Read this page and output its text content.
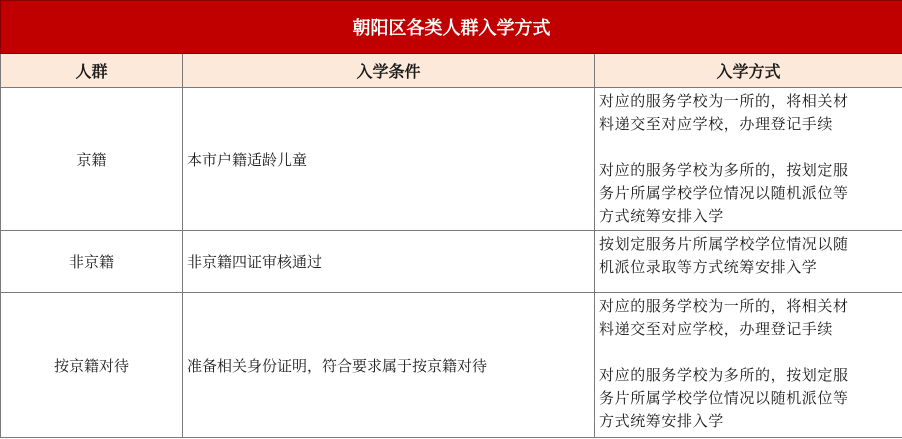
朝阳区各类人群入学方式		
人群	入学条件	入学方式
京籍	本市户籍适龄儿童	对应的服务学校为一所的，将相关材
料递交至对应学校，办理登记手续
对应的服务学校为多所的，按划定服
务片所属学校学位情况以随机派位等
方式统筹安排入学

非京籍	非京籍四证审核通过	按划定服务片所属学校学位情况以随
机派位录取等方式统筹安排入学

按京籍对待	准备相关身份证明，符合要求属于按京籍对待	对应的服务学校为一所的，将相关材
料递交至对应学校，办理登记手续
对应的服务学校为多所的，按划定服
务片所属学校学位情况以随机派位等
方式统筹安排入学
